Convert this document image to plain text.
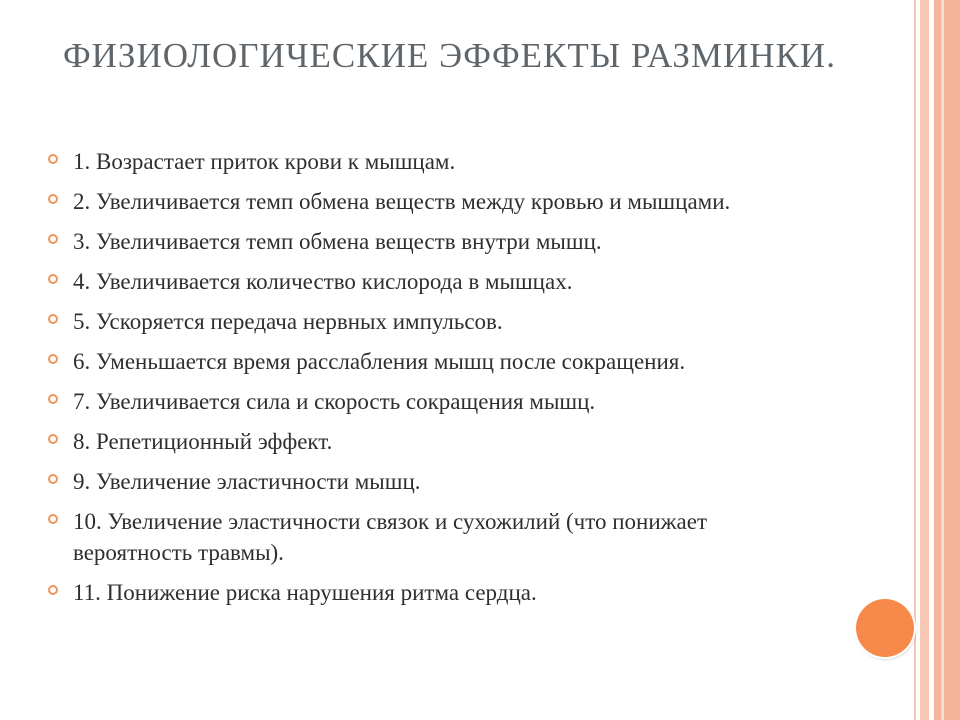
ФИЗИОЛОГИЧЕСКИЕ ЭФФЕКТЫ РАЗМИНКИ.
1. Возрастает приток крови к мышцам.
2. Увеличивается темп обмена веществ между кровью и мышцами.
3. Увеличивается темп обмена веществ внутри мышц.
4. Увеличивается количество кислорода в мышцах.
5. Ускоряется передача нервных импульсов.
6. Уменьшается время расслабления мышц после сокращения.
7. Увеличивается сила и скорость сокращения мышц.
8. Репетиционный эффект.
9. Увеличение эластичности мышц.
10. Увеличение эластичности связок и сухожилий (что понижает вероятность травмы).
11. Понижение риска нарушения ритма сердца.
